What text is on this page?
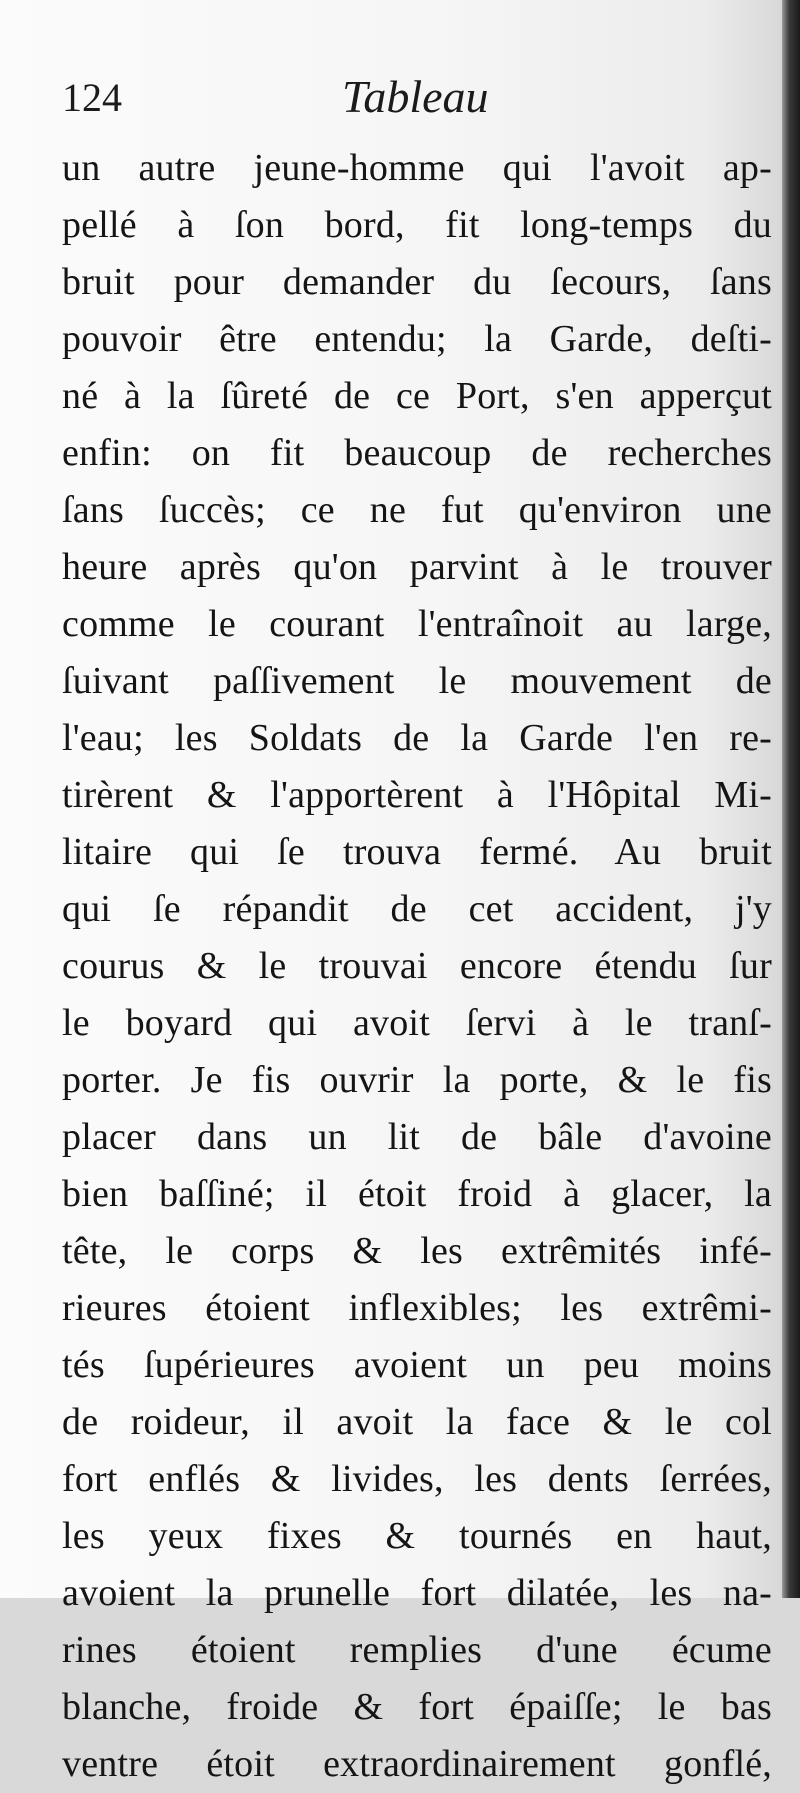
124	Tableau
un autre jeune-homme qui l'avoit ap-
pellé à ſon bord, fit long-temps du
bruit pour demander du ſecours, ſans
pouvoir être entendu; la Garde, deſti-
né à la ſûreté de ce Port, s'en apperçut
enfin: on fit beaucoup de recherches
ſans ſuccès; ce ne fut qu'environ une
heure après qu'on parvint à le trouver
comme le courant l'entraînoit au large,
ſuivant paſſivement le mouvement de
l'eau; les Soldats de la Garde l'en re-
tirèrent & l'apportèrent à l'Hôpital Mi-
litaire qui ſe trouva fermé. Au bruit
qui ſe répandit de cet accident, j'y
courus & le trouvai encore étendu ſur
le boyard qui avoit ſervi à le tranſ-
porter. Je fis ouvrir la porte, & le fis
placer dans un lit de bâle d'avoine
bien baſſiné; il étoit froid à glacer, la
tête, le corps & les extrêmités infé-
rieures étoient inflexibles; les extrêmi-
tés ſupérieures avoient un peu moins
de roideur, il avoit la face & le col
fort enflés & livides, les dents ſerrées,
les yeux fixes & tournés en haut,
avoient la prunelle fort dilatée, les na-
rines étoient remplies d'une écume
blanche, froide & fort épaiſſe; le bas
ventre étoit extraordinairement gonflé,
